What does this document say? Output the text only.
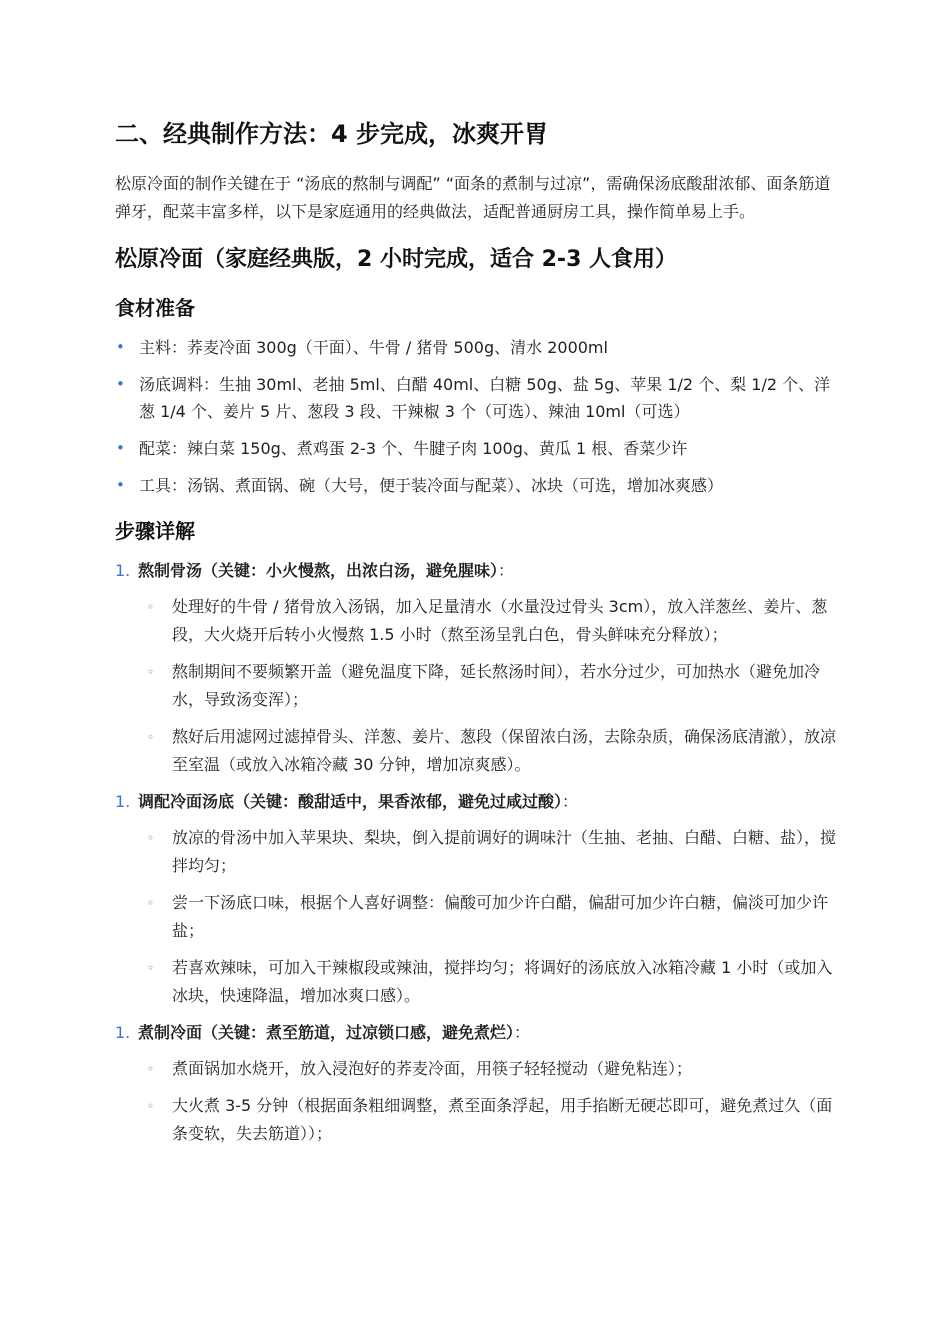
二、经典制作方法：4 步完成，冰爽开胃

松原冷面的制作关键在于 “汤底的熬制与调配” “面条的煮制与过凉”，需确保汤底酸甜浓郁、面条筋道弹牙，配菜丰富多样，以下是家庭通用的经典做法，适配普通厨房工具，操作简单易上手。

松原冷面（家庭经典版，2 小时完成，适合 2-3 人食用）
食材准备
• 主料：荞麦冷面 300g（干面）、牛骨 / 猪骨 500g、清水 2000ml
• 汤底调料：生抽 30ml、老抽 5ml、白醋 40ml、白糖 50g、盐 5g、苹果 1/2 个、梨 1/2 个、洋葱 1/4 个、姜片 5 片、葱段 3 段、干辣椒 3 个（可选）、辣油 10ml（可选）
• 配菜：辣白菜 150g、煮鸡蛋 2-3 个、牛腱子肉 100g、黄瓜 1 根、香菜少许
• 工具：汤锅、煮面锅、碗（大号，便于装冷面与配菜）、冰块（可选，增加冰爽感）
步骤详解
1. 熬制骨汤（关键：小火慢熬，出浓白汤，避免腥味）：
◦ 处理好的牛骨 / 猪骨放入汤锅，加入足量清水（水量没过骨头 3cm），放入洋葱丝、姜片、葱段，大火烧开后转小火慢熬 1.5 小时（熬至汤呈乳白色，骨头鲜味充分释放）；
◦ 熬制期间不要频繁开盖（避免温度下降，延长熬汤时间），若水分过少，可加热水（避免加冷水，导致汤变浑）；
◦ 熬好后用滤网过滤掉骨头、洋葱、姜片、葱段（保留浓白汤，去除杂质，确保汤底清澈），放凉至室温（或放入冰箱冷藏 30 分钟，增加凉爽感）。
1. 调配冷面汤底（关键：酸甜适中，果香浓郁，避免过咸过酸）：
◦ 放凉的骨汤中加入苹果块、梨块，倒入提前调好的调味汁（生抽、老抽、白醋、白糖、盐），搅拌均匀；
◦ 尝一下汤底口味，根据个人喜好调整：偏酸可加少许白醋，偏甜可加少许白糖，偏淡可加少许盐；
◦ 若喜欢辣味，可加入干辣椒段或辣油，搅拌均匀；将调好的汤底放入冰箱冷藏 1 小时（或加入冰块，快速降温，增加冰爽口感）。
1. 煮制冷面（关键：煮至筋道，过凉锁口感，避免煮烂）：
◦ 煮面锅加水烧开，放入浸泡好的荞麦冷面，用筷子轻轻搅动（避免粘连）；
◦ 大火煮 3-5 分钟（根据面条粗细调整，煮至面条浮起，用手掐断无硬芯即可，避免煮过久（面条变软，失去筋道））；
